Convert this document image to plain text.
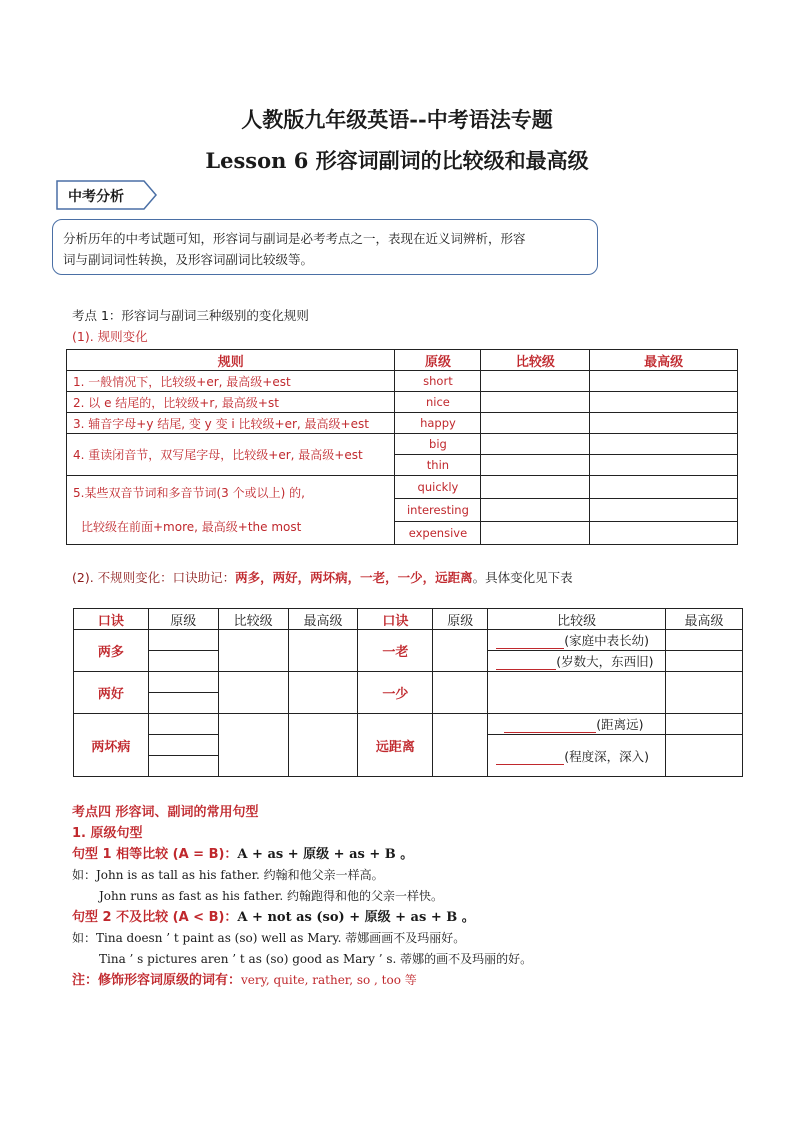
人教版九年级英语--中考语法专题
Lesson 6 形容词副词的比较级和最高级
中考分析
分析历年的中考试题可知，形容词与副词是必考考点之一，表现在近义词辨析，形容
词与副词词性转换，及形容词副词比较级等。
考点 1：形容词与副词三种级别的变化规则
(1). 规则变化
规则	原级	比较级	最高级
1. 一般情况下，比较级+er, 最高级+est	short		
2. 以 e 结尾的，比较级+r, 最高级+st	nice		
3. 辅音字母+y 结尾, 变 y 变 i 比较级+er, 最高级+est	happy		
4. 重读闭音节，双写尾字母，比较级+er, 最高级+est	big		
	thin		

5.某些双音节词和多音节词(3 个或以上) 的,
比较级在前面+more, 最高级+the most	quickly		
	interesting		
	expensive		
(2). 不规则变化：口诀助记：两多，两好，两坏病，一老，一少，远距离。具体变化见下表
口诀	原级	比较级	最高级	口诀	原级	比较级	最高级
两多				一老		(家庭中表长幼)	
						(岁数大，东西旧)	
两好				一少			

两坏病				远距离		(距离远)	
						(程度深，深入)	

考点四 形容词、副词的常用句型
1. 原级句型
句型 1 相等比较 (A = B)：A + as + 原级 + as + B 。
如：John is as tall as his father. 约翰和他父亲一样高。
John runs as fast as his father. 约翰跑得和他的父亲一样快。
句型 2 不及比较 (A < B)：A + not as (so) + 原级 + as + B 。
如：Tina doesn ’ t paint as (so) well as Mary. 蒂娜画画不及玛丽好。
Tina ’ s pictures aren ’ t as (so) good as Mary ’ s. 蒂娜的画不及玛丽的好。
注：修饰形容词原级的词有：very, quite, rather, so , too 等
